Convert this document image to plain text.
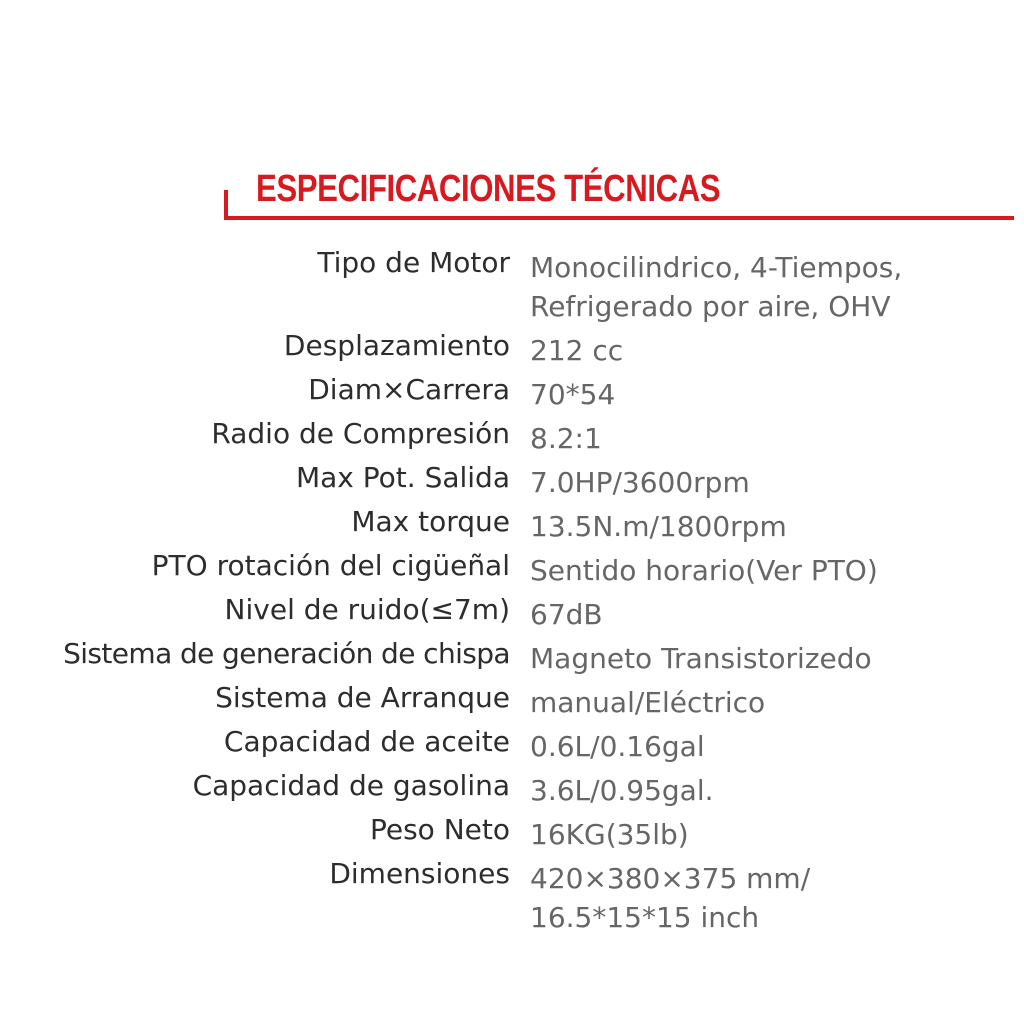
ESPECIFICACIONES TÉCNICAS
Tipo de Motor Monocilindrico, 4-Tiempos,
Refrigerado por aire, OHV
Desplazamiento 212 cc
Diam×Carrera 70*54
Radio de Compresión 8.2:1
Max Pot. Salida 7.0HP/3600rpm
Max torque 13.5N.m/1800rpm
PTO rotación del cigüeñal Sentido horario(Ver PTO)
Nivel de ruido(≤7m) 67dB
Sistema de generación de chispa Magneto Transistorizedo
Sistema de Arranque manual/Eléctrico
Capacidad de aceite 0.6L/0.16gal
Capacidad de gasolina 3.6L/0.95gal.
Peso Neto 16KG(35lb)
Dimensiones 420×380×375 mm/
16.5*15*15 inch
